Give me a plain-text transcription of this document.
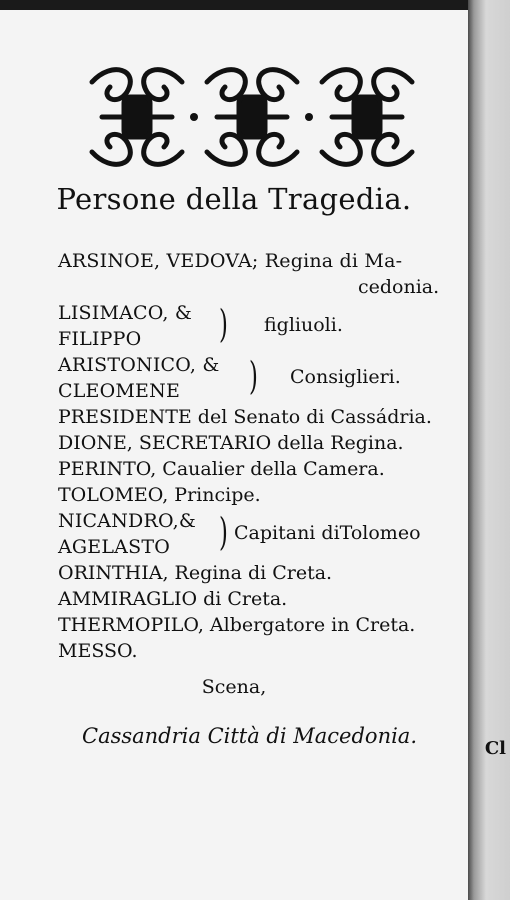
Persone della Tragedia.
ARSINOE, VEDOVA; Regina di Ma-
cedonia.
LISIMACO, &
FILIPPO	) figliuoli.
ARISTONICO, &
CLEOMENE	) Consiglieri.
PRESIDENTE del Senato di Cassádria.
DIONE, SECRETARIO della Regina.
PERINTO, Caualier della Camera.
TOLOMEO, Principe.
NICANDRO,&
AGELASTO	) Capitani diTolomeo
ORINTHIA, Regina di Creta.
AMMIRAGLIO di Creta.
THERMOPILO, Albergatore in Creta.
MESSO.
Scena,
Cassandria Città di Macedonia.
Cl
